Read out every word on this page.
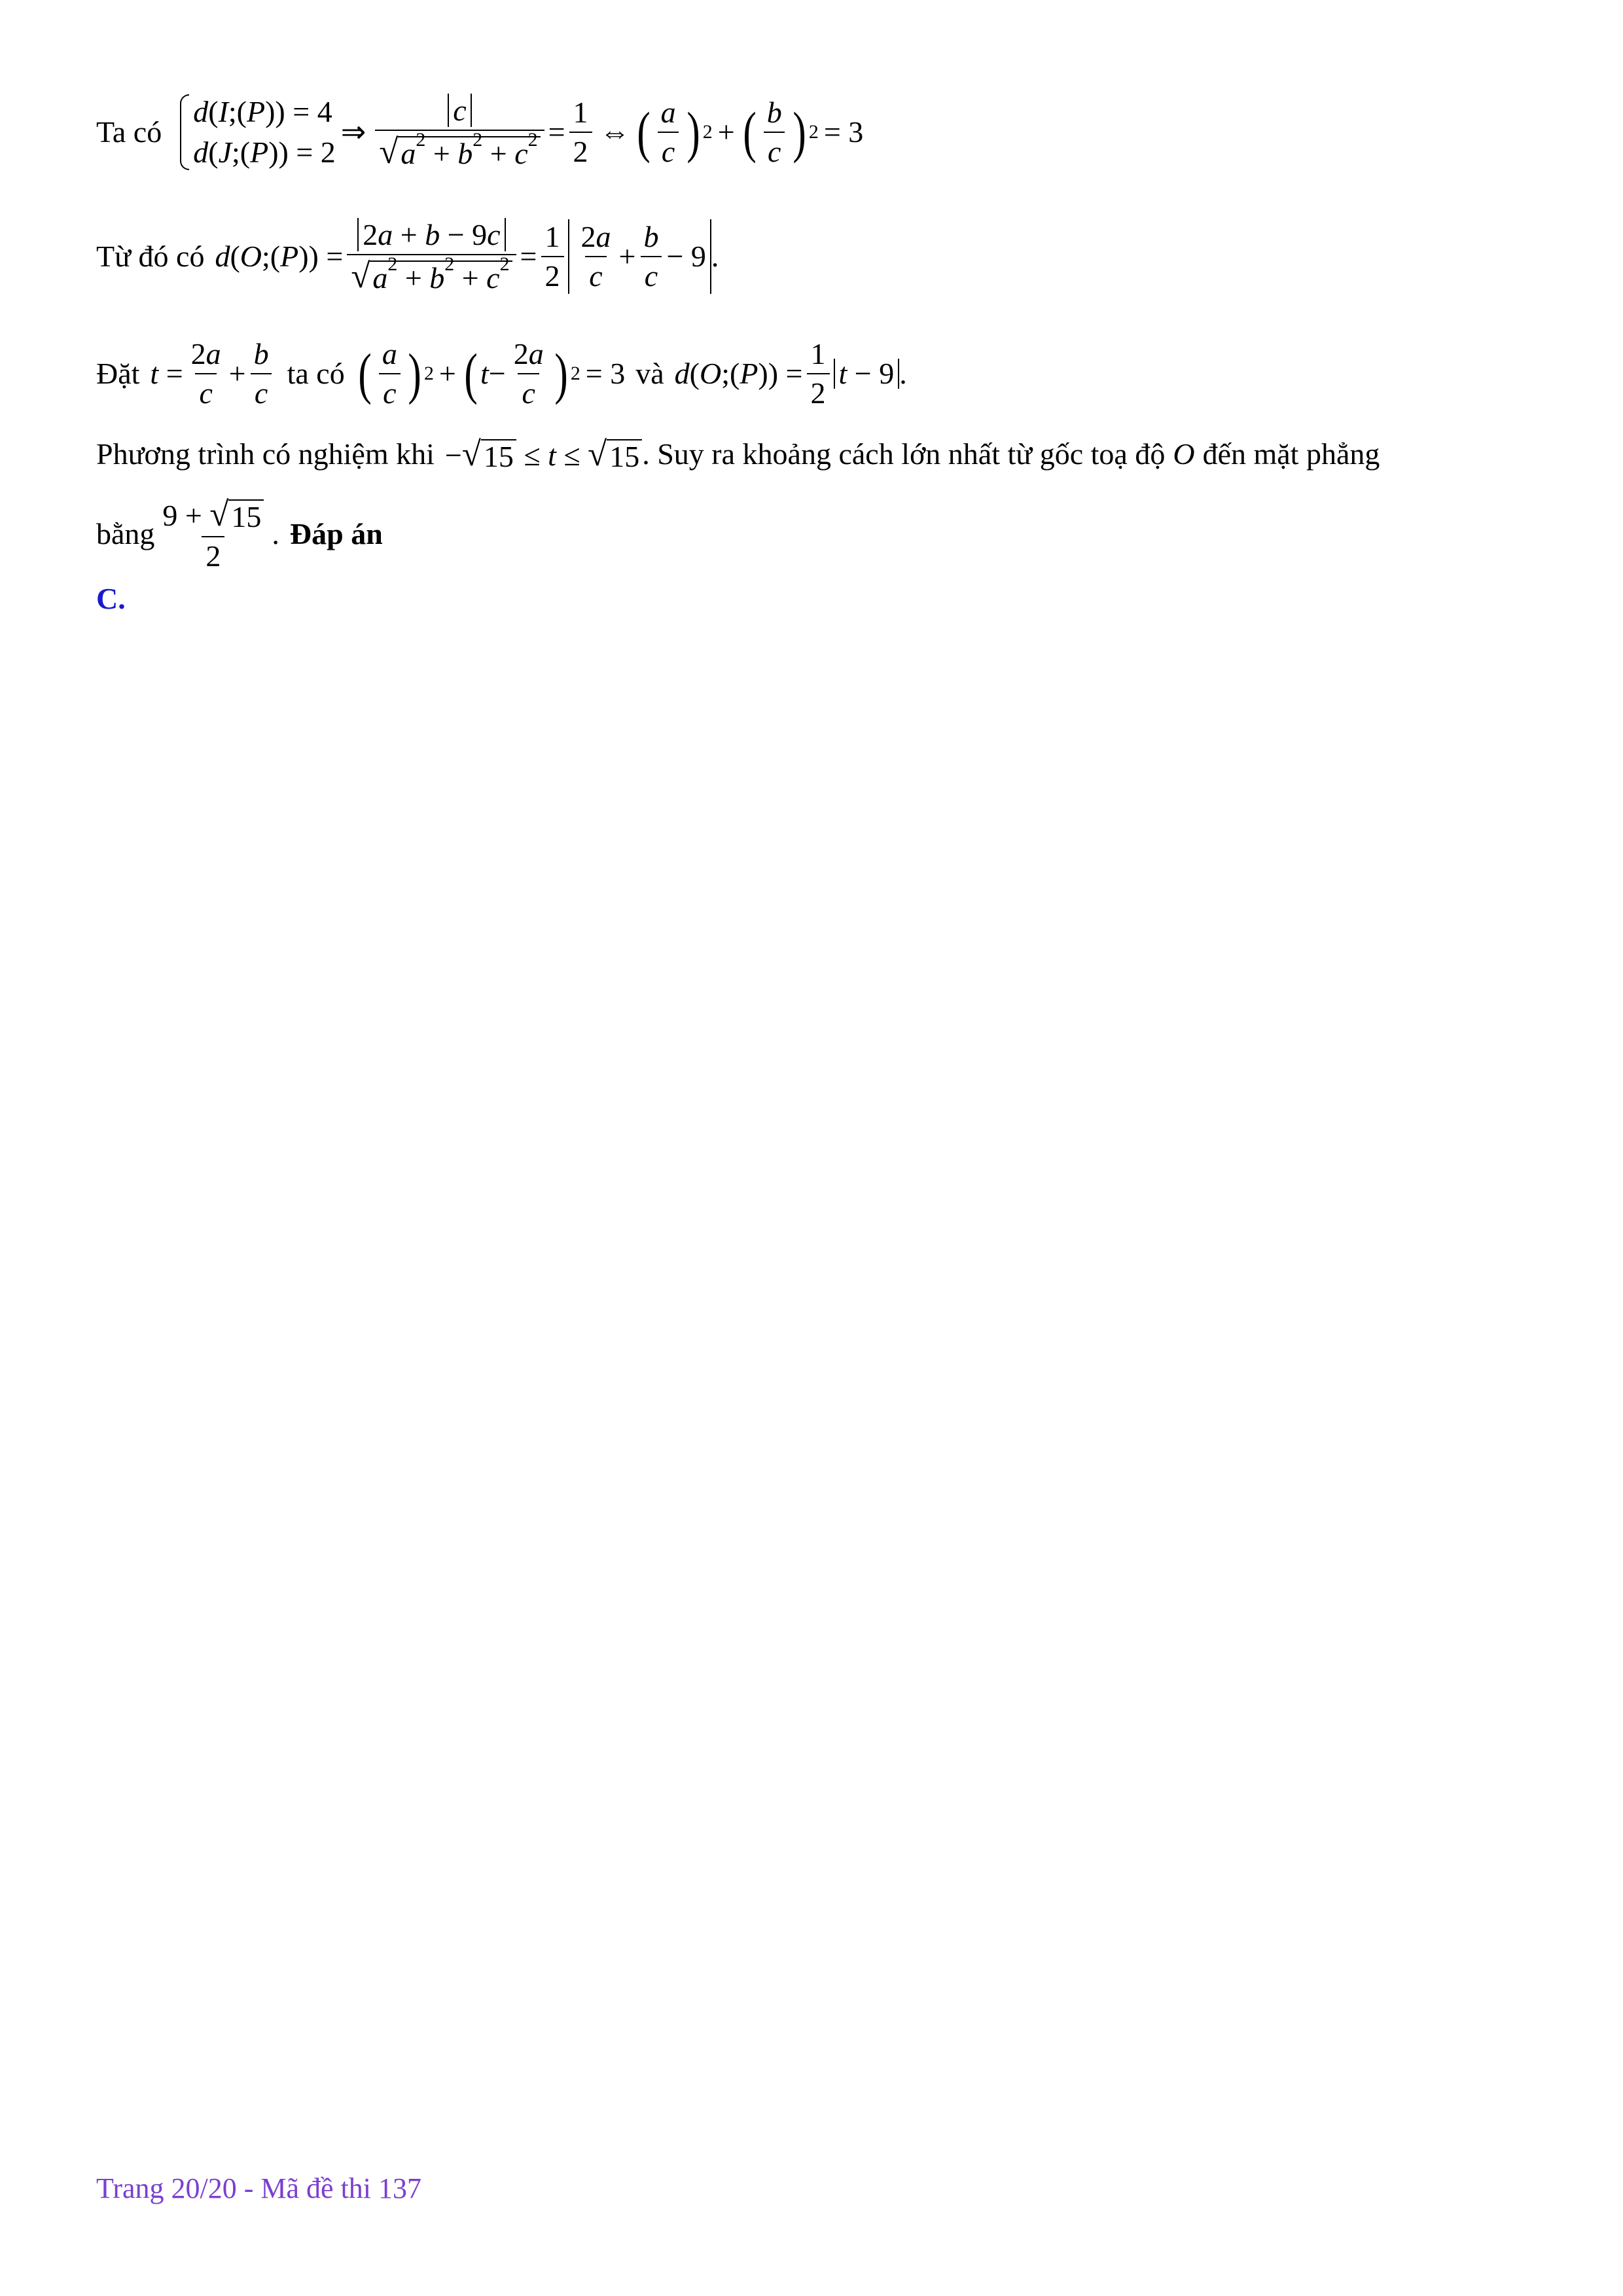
Ta có
d(I;(P)) = 4
d(J;(P)) = 2
⇒ $\frac{c}{√ a^2 + b^2 + c^2} = \frac{1}{2}$ ⇔ ( $\frac{a}{c}$ ) 2 + ( $\frac{b}{c}$ ) 2 = 3
Từ đó có d(O;(P)) = $\frac{2a + b - 9c}{√ a^2 + b^2 + c^2} = \frac{1}{2} \frac{2a}{c} + \frac{b}{c} - 9$ .
Đặt $t = \frac{2a}{c} + \frac{b}{c}$ ta có ( $\frac{a}{c}$ ) 2 + ( $t - \frac{2a}{c}$ ) 2 = 3 và d(O;(P)) = $\frac{1}{2}$ t − 9 .
Phương trình có nghiệm khi − √ 15 ≤ t ≤ √ 15 . Suy ra khoảng cách lớn nhất từ gốc toạ độ O đến mặt phẳng
bằng $\frac{9 + √ 15}{2}$ . Đáp án
C.
Trang 20/20 - Mã đề thi 137
